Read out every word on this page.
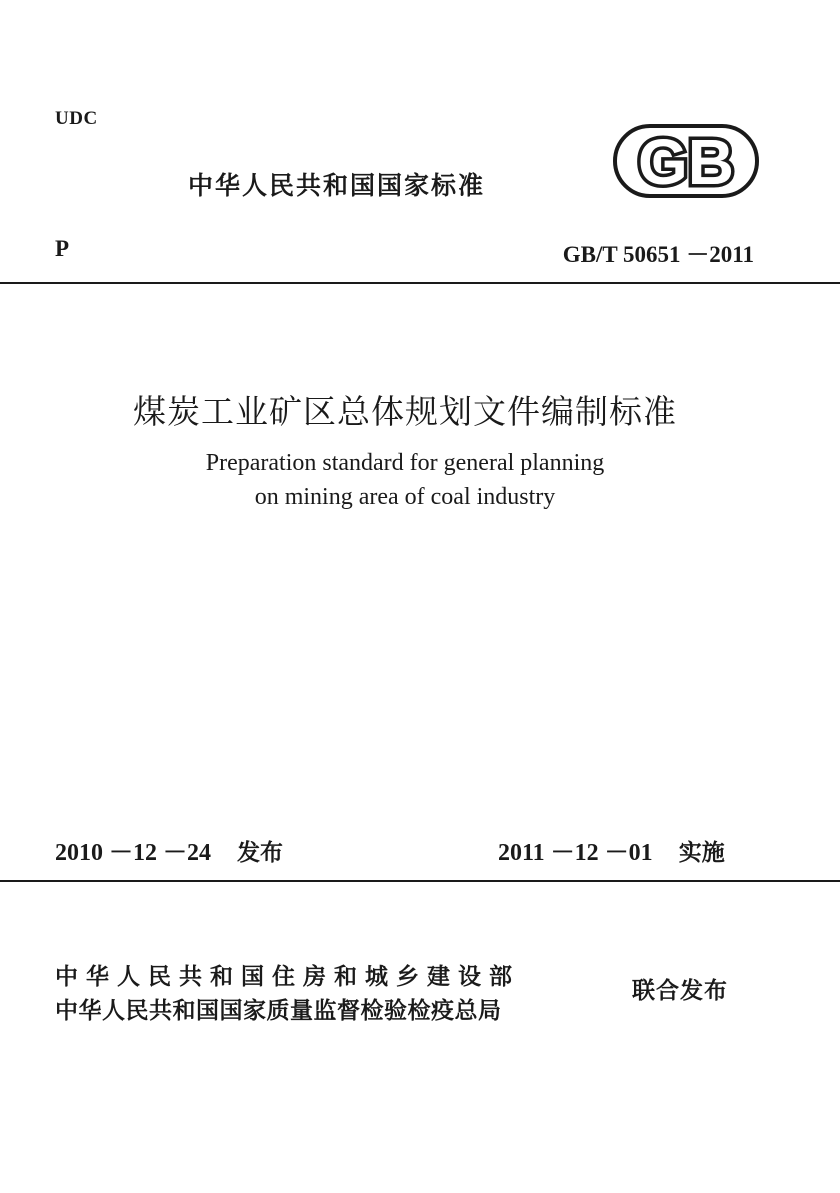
UDC
中华人民共和国国家标准 GB
P	GB/T 50651 －2011
煤炭工业矿区总体规划文件编制标准
Preparation standard for general planning
on mining area of coal industry
2010 －12 －24 发布	2011 －12 －01 实施
中华人民共和国住房和城乡建设部
中华人民共和国国家质量监督检验检疫总局
联合发布
